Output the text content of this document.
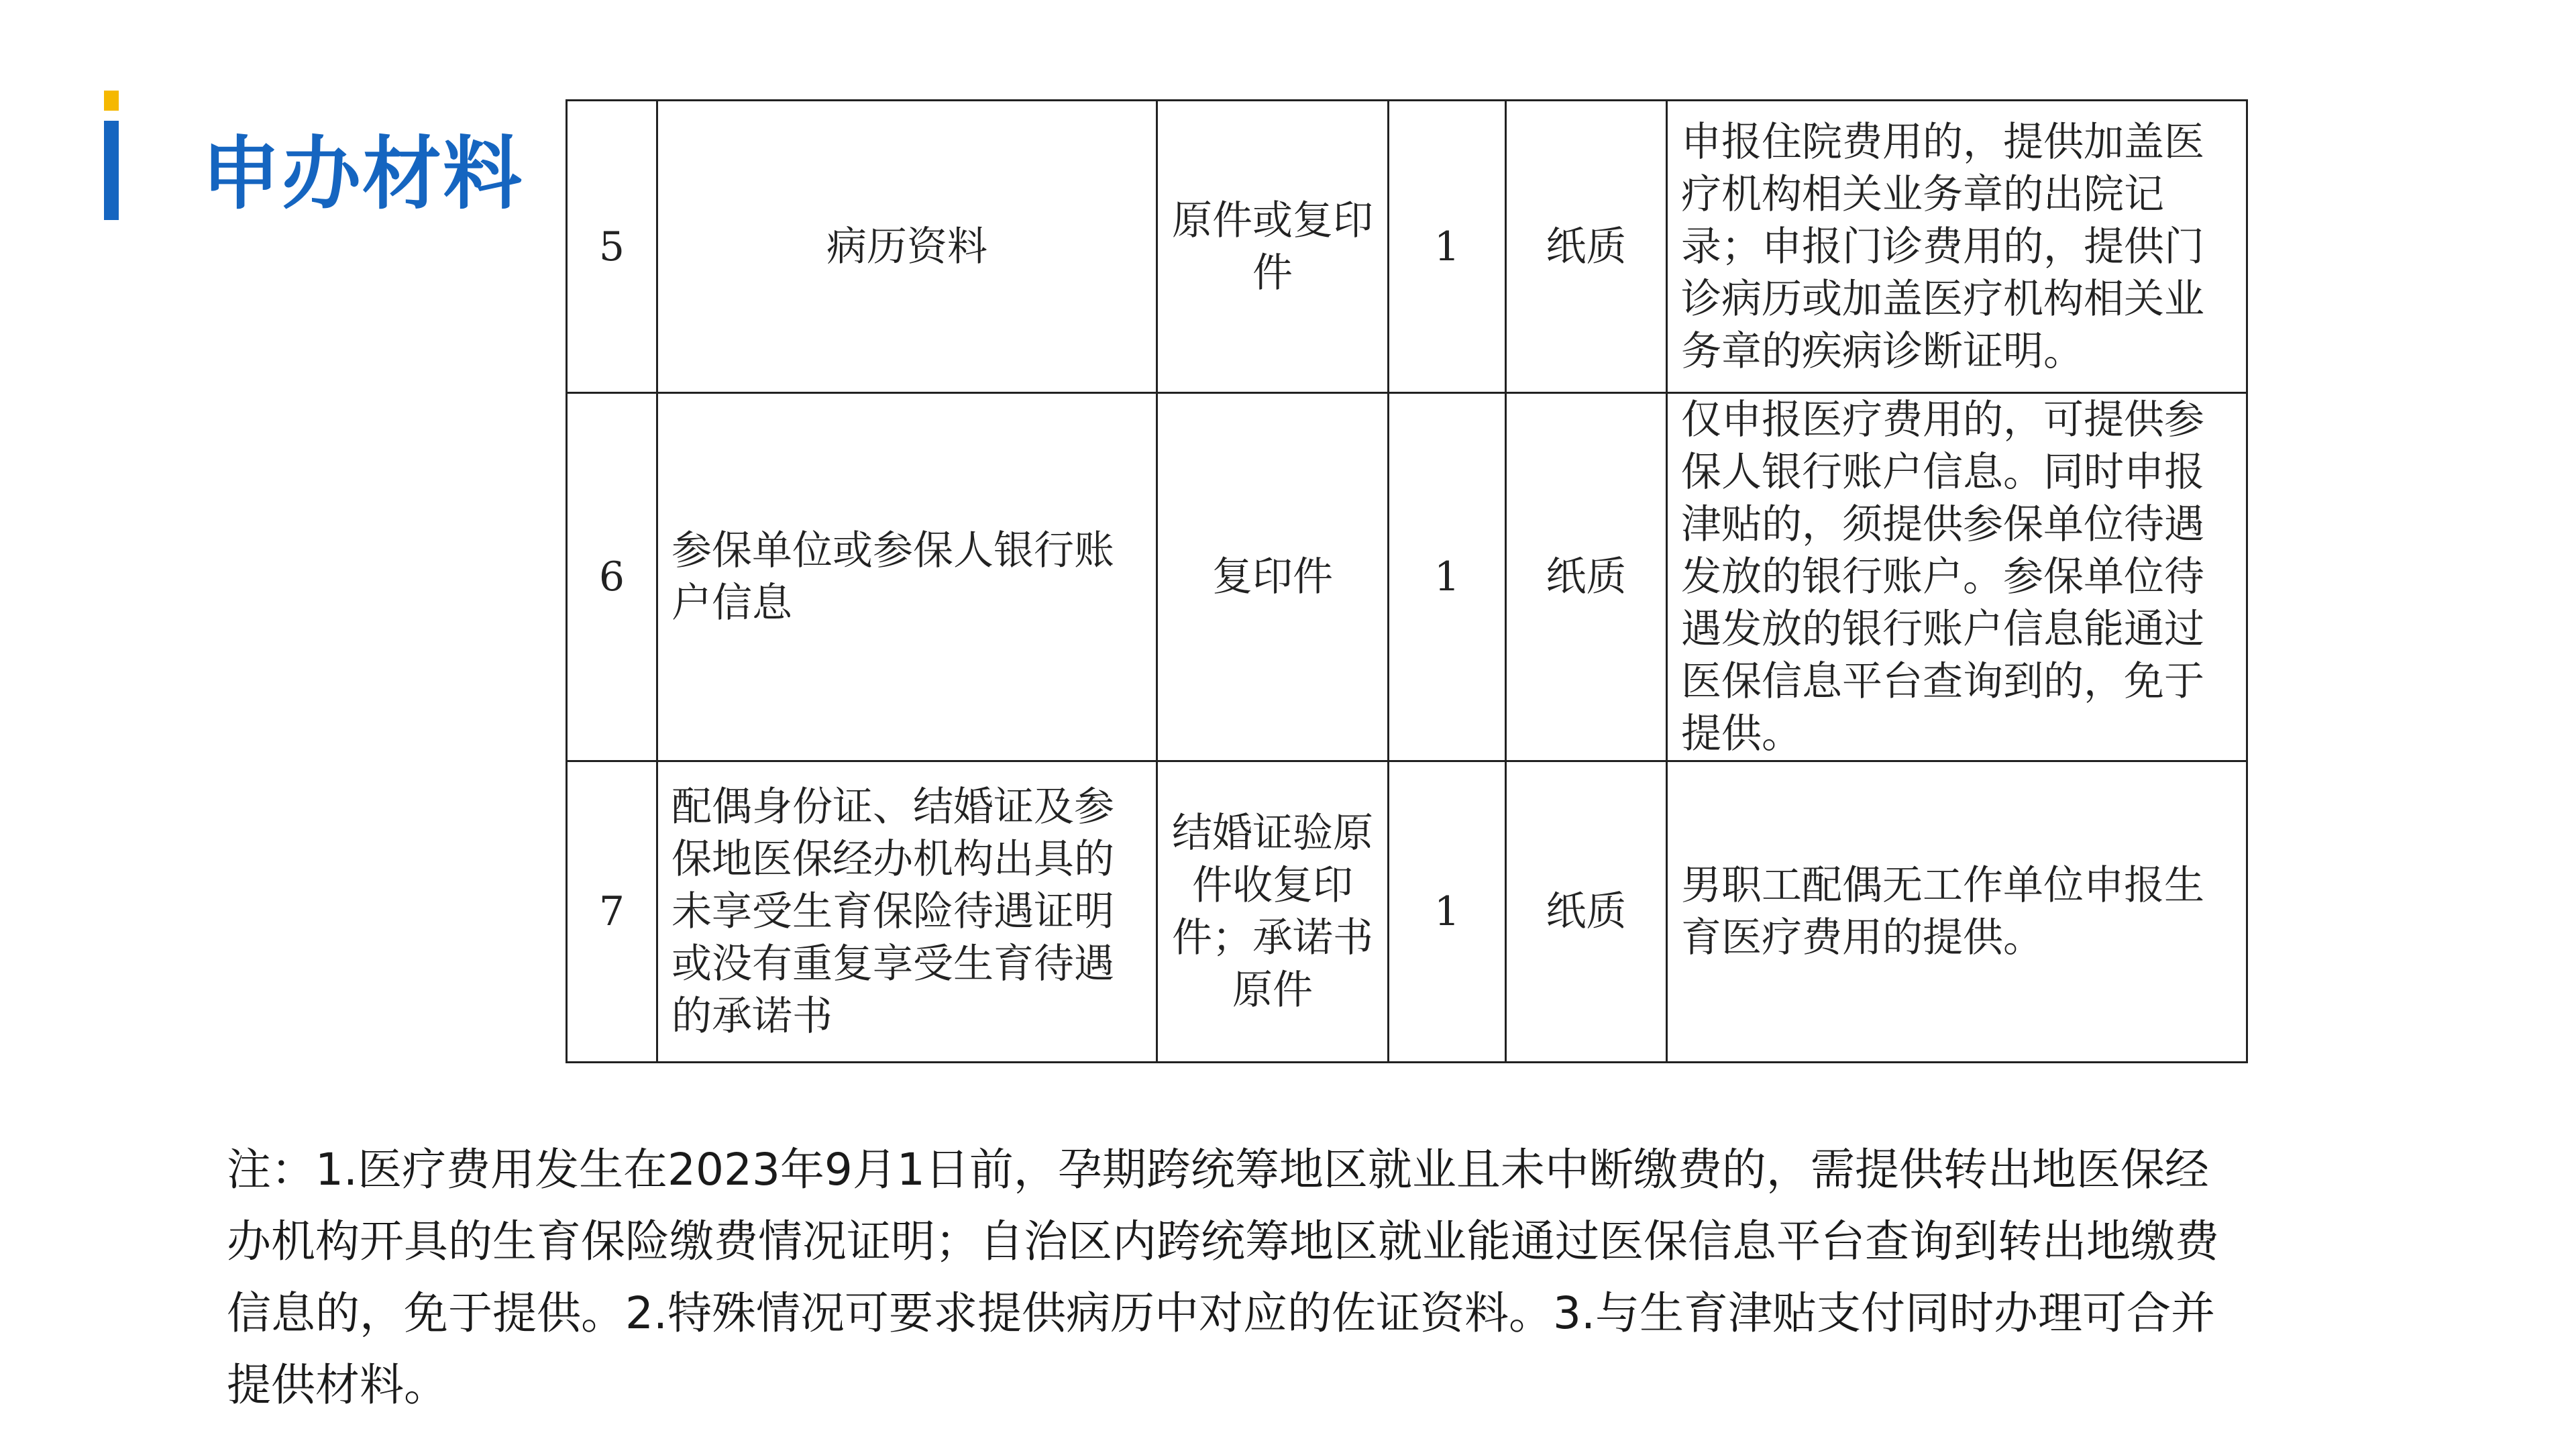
申办材料
5	病历资料	原件或复印件	1	纸质	申报住院费用的，提供加盖医疗机构相关业务章的出院记录；申报门诊费用的，提供门诊病历或加盖医疗机构相关业务章的疾病诊断证明。
6	参保单位或参保人银行账户信息	复印件	1	纸质	仅申报医疗费用的，可提供参保人银行账户信息。同时申报津贴的，须提供参保单位待遇发放的银行账户。参保单位待遇发放的银行账户信息能通过医保信息平台查询到的，免于提供。
7	配偶身份证、结婚证及参保地医保经办机构出具的未享受生育保险待遇证明或没有重复享受生育待遇的承诺书	结婚证验原件收复印件；承诺书原件	1	纸质	男职工配偶无工作单位申报生育医疗费用的提供。
注：1.医疗费用发生在2023年9月1日前，孕期跨统筹地区就业且未中断缴费的，需提供转出地医保经办机构开具的生育保险缴费情况证明；自治区内跨统筹地区就业能通过医保信息平台查询到转出地缴费信息的，免于提供。2.特殊情况可要求提供病历中对应的佐证资料。3.与生育津贴支付同时办理可合并提供材料。
